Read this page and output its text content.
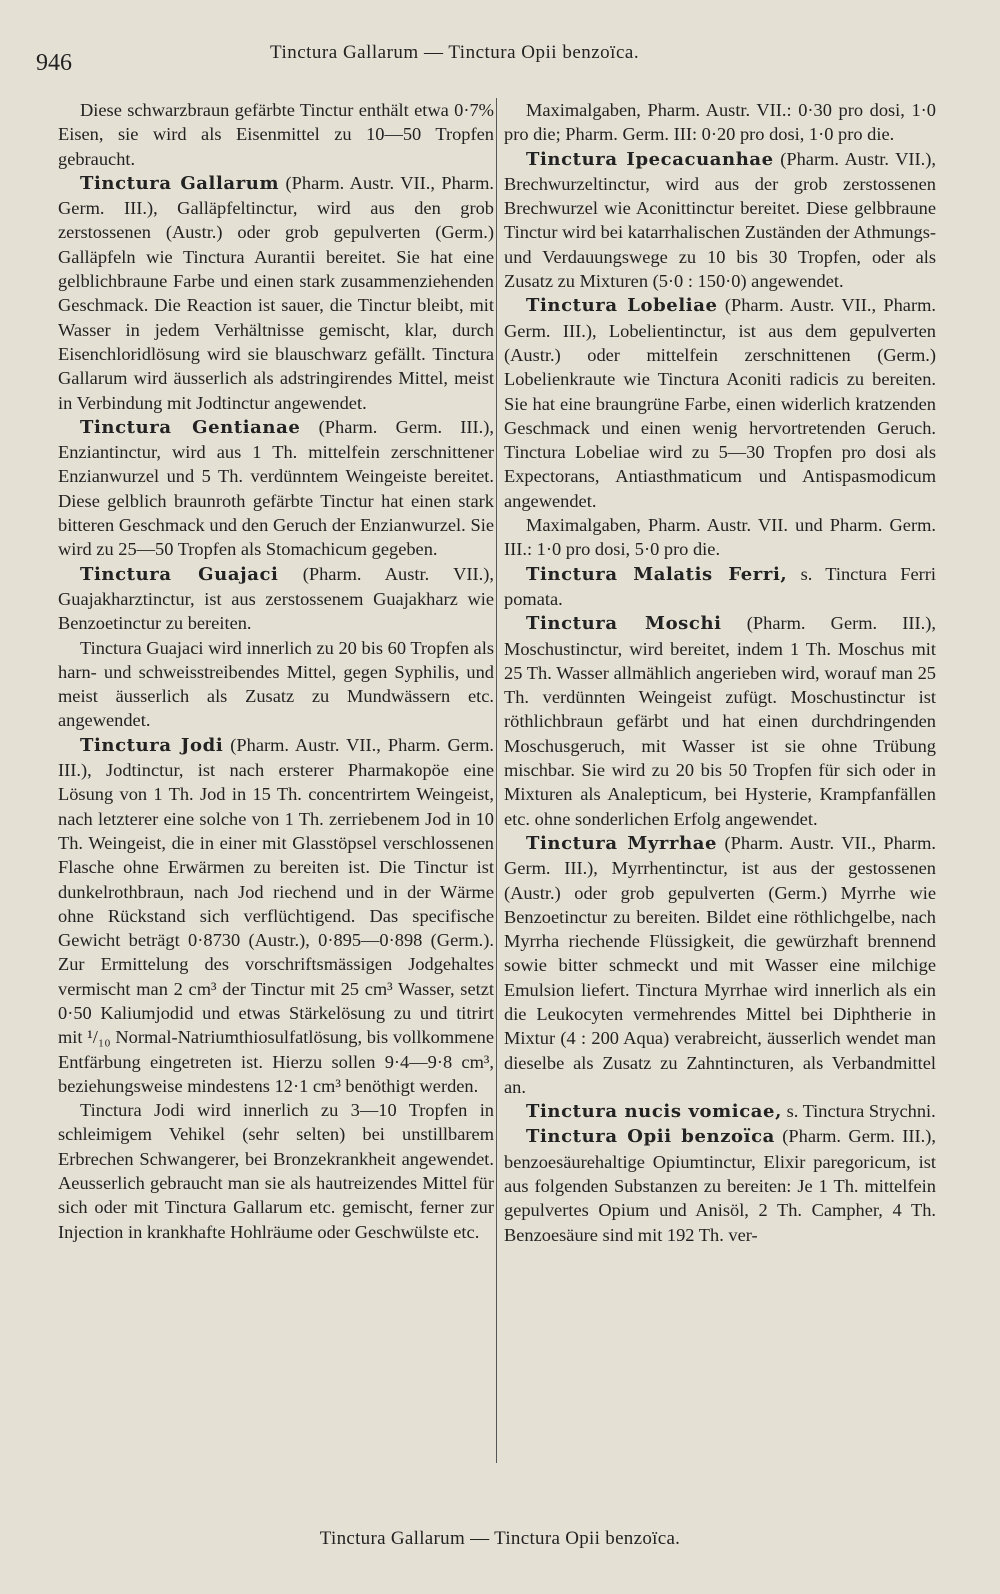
946	Tinctura Gallarum — Tinctura Opii benzoïca.

Diese schwarzbraun gefärbte Tinctur enthält etwa 0·7% Eisen, sie wird als Eisenmittel zu 10—50 Tropfen gebraucht.

Tinctura Gallarum (Pharm. Austr. VII., Pharm. Germ. III.), Galläpfeltinctur, wird aus den grob zerstossenen (Austr.) oder grob gepulverten (Germ.) Galläpfeln wie Tinctura Aurantii bereitet. Sie hat eine gelblichbraune Farbe und einen stark zusammenziehenden Geschmack. Die Reaction ist sauer, die Tinctur bleibt, mit Wasser in jedem Verhältnisse gemischt, klar, durch Eisenchloridlösung wird sie blauschwarz gefällt. Tinctura Gallarum wird äusserlich als adstringirendes Mittel, meist in Verbindung mit Jodtinctur angewendet.

Tinctura Gentianae (Pharm. Germ. III.), Enziantinctur, wird aus 1 Th. mittelfein zerschnittener Enzianwurzel und 5 Th. verdünntem Weingeiste bereitet. Diese gelblich braunroth gefärbte Tinctur hat einen stark bitteren Geschmack und den Geruch der Enzianwurzel. Sie wird zu 25—50 Tropfen als Stomachicum gegeben.

Tinctura Guajaci (Pharm. Austr. VII.), Guajakharztinctur, ist aus zerstossenem Guajakharz wie Benzoetinctur zu bereiten.

Tinctura Guajaci wird innerlich zu 20 bis 60 Tropfen als harn- und schweisstreibendes Mittel, gegen Syphilis, und meist äusserlich als Zusatz zu Mundwässern etc. angewendet.

Tinctura Jodi (Pharm. Austr. VII., Pharm. Germ. III.), Jodtinctur, ist nach ersterer Pharmakopöe eine Lösung von 1 Th. Jod in 15 Th. concentrirtem Weingeist, nach letzterer eine solche von 1 Th. zerriebenem Jod in 10 Th. Weingeist, die in einer mit Glasstöpsel verschlossenen Flasche ohne Erwärmen zu bereiten ist. Die Tinctur ist dunkelrothbraun, nach Jod riechend und in der Wärme ohne Rückstand sich verflüchtigend. Das specifische Gewicht beträgt 0·8730 (Austr.), 0·895—0·898 (Germ.). Zur Ermittelung des vorschriftsmässigen Jodgehaltes vermischt man 2 cm³ der Tinctur mit 25 cm³ Wasser, setzt 0·50 Kaliumjodid und etwas Stärkelösung zu und titrirt mit ¹/₁₀ Normal-Natriumthiosulfatlösung, bis vollkommene Entfärbung eingetreten ist. Hierzu sollen 9·4—9·8 cm³, beziehungsweise mindestens 12·1 cm³ benöthigt werden.

Tinctura Jodi wird innerlich zu 3—10 Tropfen in schleimigem Vehikel (sehr selten) bei unstillbarem Erbrechen Schwangerer, bei Bronzekrankheit angewendet. Aeusserlich gebraucht man sie als hautreizendes Mittel für sich oder mit Tinctura Gallarum etc. gemischt, ferner zur Injection in krankhafte Hohlräume oder Geschwülste etc.

Maximalgaben, Pharm. Austr. VII.: 0·30 pro dosi, 1·0 pro die; Pharm. Germ. III: 0·20 pro dosi, 1·0 pro die.

Tinctura Ipecacuanhae (Pharm. Austr. VII.), Brechwurzeltinctur, wird aus der grob zerstossenen Brechwurzel wie Aconittinctur bereitet. Diese gelbbraune Tinctur wird bei katarrhalischen Zuständen der Athmungs- und Verdauungswege zu 10 bis 30 Tropfen, oder als Zusatz zu Mixturen (5·0 : 150·0) angewendet.

Tinctura Lobeliae (Pharm. Austr. VII., Pharm. Germ. III.), Lobelientinctur, ist aus dem gepulverten (Austr.) oder mittelfein zerschnittenen (Germ.) Lobelienkraute wie Tinctura Aconiti radicis zu bereiten. Sie hat eine braungrüne Farbe, einen widerlich kratzenden Geschmack und einen wenig hervortretenden Geruch. Tinctura Lobeliae wird zu 5—30 Tropfen pro dosi als Expectorans, Antiasthmaticum und Antispasmodicum angewendet.

Maximalgaben, Pharm. Austr. VII. und Pharm. Germ. III.: 1·0 pro dosi, 5·0 pro die.

Tinctura Malatis Ferri, s. Tinctura Ferri pomata.

Tinctura Moschi (Pharm. Germ. III.), Moschustinctur, wird bereitet, indem 1 Th. Moschus mit 25 Th. Wasser allmählich angerieben wird, worauf man 25 Th. verdünnten Weingeist zufügt. Moschustinctur ist röthlichbraun gefärbt und hat einen durchdringenden Moschusgeruch, mit Wasser ist sie ohne Trübung mischbar. Sie wird zu 20 bis 50 Tropfen für sich oder in Mixturen als Analepticum, bei Hysterie, Krampfanfällen etc. ohne sonderlichen Erfolg angewendet.

Tinctura Myrrhae (Pharm. Austr. VII., Pharm. Germ. III.), Myrrhentinctur, ist aus der gestossenen (Austr.) oder grob gepulverten (Germ.) Myrrhe wie Benzoetinctur zu bereiten. Bildet eine röthlichgelbe, nach Myrrha riechende Flüssigkeit, die gewürzhaft brennend sowie bitter schmeckt und mit Wasser eine milchige Emulsion liefert. Tinctura Myrrhae wird innerlich als ein die Leukocyten vermehrendes Mittel bei Diphtherie in Mixtur (4 : 200 Aqua) verabreicht, äusserlich wendet man dieselbe als Zusatz zu Zahntincturen, als Verbandmittel an.

Tinctura nucis vomicae, s. Tinctura Strychni.

Tinctura Opii benzoïca (Pharm. Germ. III.), benzoesäurehaltige Opiumtinctur, Elixir paregoricum, ist aus folgenden Substanzen zu bereiten: Je 1 Th. mittelfein gepulvertes Opium und Anisöl, 2 Th. Campher, 4 Th. Benzoesäure sind mit 192 Th. ver-

Tinctura Gallarum — Tinctura Opii benzoïca.
